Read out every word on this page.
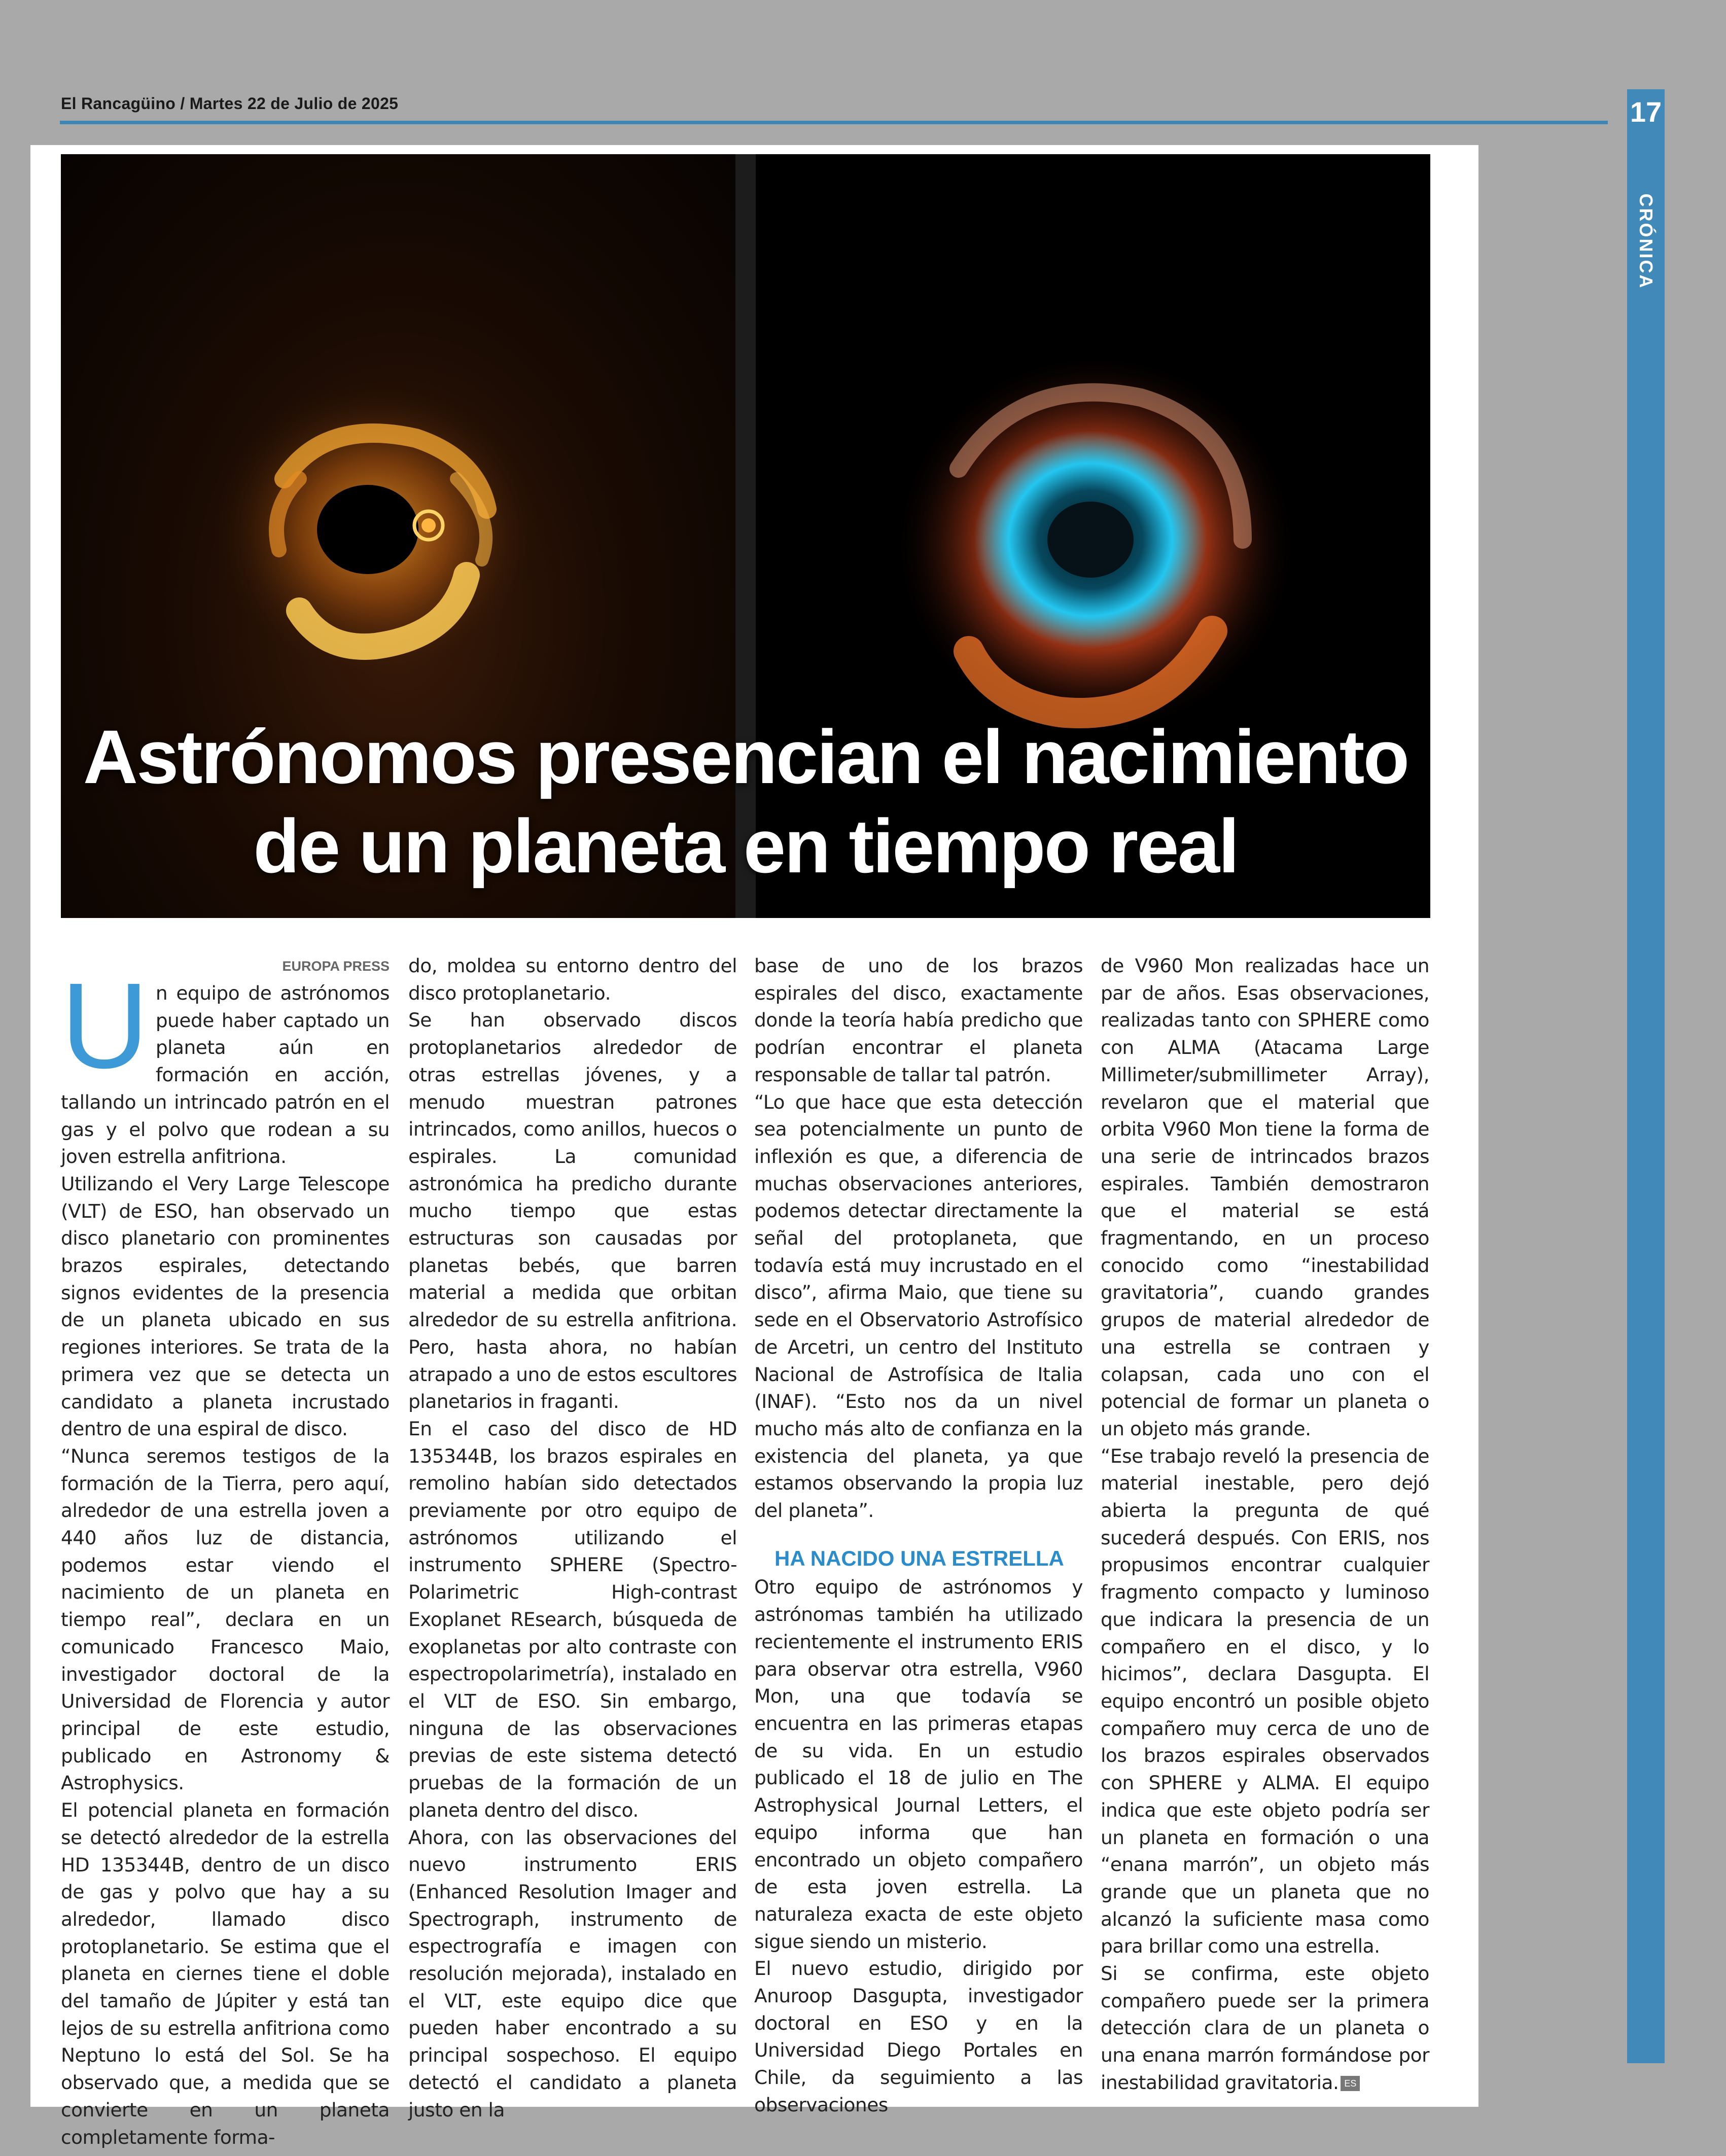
El Rancagüino / Martes 22 de Julio de 2025	17
CRÓNICA
Astrónomos presencian el nacimiento
de un planeta en tiempo real
EUROPA PRESS
U n equipo de astrónomos puede haber captado un planeta aún en formación en acción, tallando un intrincado patrón en el gas y el polvo que rodean a su joven estrella anfitriona.

Utilizando el Very Large Telescope (VLT) de ESO, han observado un disco planetario con prominentes brazos espirales, detectando signos evidentes de la presencia de un planeta ubicado en sus regiones interiores. Se trata de la primera vez que se detecta un candidato a planeta incrustado dentro de una espiral de disco.

“Nunca seremos testigos de la formación de la Tierra, pero aquí, alrededor de una estrella joven a 440 años luz de distancia, podemos estar viendo el nacimiento de un planeta en tiempo real”, declara en un comunicado Francesco Maio, investigador doctoral de la Universidad de Florencia y autor principal de este estudio, publicado en Astronomy & Astrophysics.

El potencial planeta en formación se detectó alrededor de la estrella HD 135344B, dentro de un disco de gas y polvo que hay a su alrededor, llamado disco protoplanetario. Se estima que el planeta en ciernes tiene el doble del tamaño de Júpiter y está tan lejos de su estrella anfitriona como Neptuno lo está del Sol. Se ha observado que, a medida que se convierte en un planeta completamente forma-

do, moldea su entorno dentro del disco protoplanetario.

Se han observado discos protoplanetarios alrededor de otras estrellas jóvenes, y a menudo muestran patrones intrincados, como anillos, huecos o espirales. La comunidad astronómica ha predicho durante mucho tiempo que estas estructuras son causadas por planetas bebés, que barren material a medida que orbitan alrededor de su estrella anfitriona. Pero, hasta ahora, no habían atrapado a uno de estos escultores planetarios in fraganti.

En el caso del disco de HD 135344B, los brazos espirales en remolino habían sido detectados previamente por otro equipo de astrónomos utilizando el instrumento SPHERE (Spectro-Polarimetric High-contrast Exoplanet REsearch, búsqueda de exoplanetas por alto contraste con espectropolarimetría), instalado en el VLT de ESO. Sin embargo, ninguna de las observaciones previas de este sistema detectó pruebas de la formación de un planeta dentro del disco.

Ahora, con las observaciones del nuevo instrumento ERIS (Enhanced Resolution Imager and Spectrograph, instrumento de espectrografía e imagen con resolución mejorada), instalado en el VLT, este equipo dice que pueden haber encontrado a su principal sospechoso. El equipo detectó el candidato a planeta justo en la

base de uno de los brazos espirales del disco, exactamente donde la teoría había predicho que podrían encontrar el planeta responsable de tallar tal patrón.

“Lo que hace que esta detección sea potencialmente un punto de inflexión es que, a diferencia de muchas observaciones anteriores, podemos detectar directamente la señal del protoplaneta, que todavía está muy incrustado en el disco”, afirma Maio, que tiene su sede en el Observatorio Astrofísico de Arcetri, un centro del Instituto Nacional de Astrofísica de Italia (INAF). “Esto nos da un nivel mucho más alto de confianza en la existencia del planeta, ya que estamos observando la propia luz del planeta”.

HA NACIDO UNA ESTRELLA

Otro equipo de astrónomos y astrónomas también ha utilizado recientemente el instrumento ERIS para observar otra estrella, V960 Mon, una que todavía se encuentra en las primeras etapas de su vida. En un estudio publicado el 18 de julio en The Astrophysical Journal Letters, el equipo informa que han encontrado un objeto compañero de esta joven estrella. La naturaleza exacta de este objeto sigue siendo un misterio.

El nuevo estudio, dirigido por Anuroop Dasgupta, investigador doctoral en ESO y en la Universidad Diego Portales en Chile, da seguimiento a las observaciones

de V960 Mon realizadas hace un par de años. Esas observaciones, realizadas tanto con SPHERE como con ALMA (Atacama Large Millimeter/submillimeter Array), revelaron que el material que orbita V960 Mon tiene la forma de una serie de intrincados brazos espirales. También demostraron que el material se está fragmentando, en un proceso conocido como “inestabilidad gravitatoria”, cuando grandes grupos de material alrededor de una estrella se contraen y colapsan, cada uno con el potencial de formar un planeta o un objeto más grande.

“Ese trabajo reveló la presencia de material inestable, pero dejó abierta la pregunta de qué sucederá después. Con ERIS, nos propusimos encontrar cualquier fragmento compacto y luminoso que indicara la presencia de un compañero en el disco, y lo hicimos”, declara Dasgupta. El equipo encontró un posible objeto compañero muy cerca de uno de los brazos espirales observados con SPHERE y ALMA. El equipo indica que este objeto podría ser un planeta en formación o una “enana marrón”, un objeto más grande que un planeta que no alcanzó la suficiente masa como para brillar como una estrella.

Si se confirma, este objeto compañero puede ser la primera detección clara de un planeta o una enana marrón formándose por inestabilidad gravitatoria. ES
